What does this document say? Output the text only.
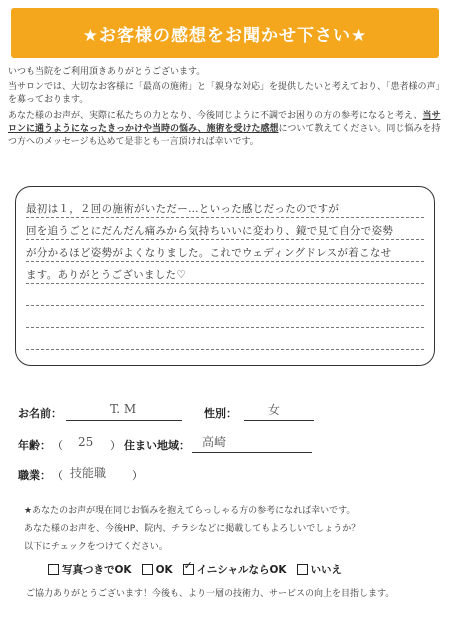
★お客様の感想をお聞かせ下さい★

いつも当院をご利用頂きありがとうございます。

当サロンでは、大切なお客様に「最高の施術」と「親身な対応」を提供したいと考えており、「患者様の声」を募っております。

あなた様のお声が、実際に私たちの力となり、今後同じように不調でお困りの方の参考になると考え、当サロンに通うようになったきっかけや当時の悩み、施術を受けた感想について教えてください。同じ悩みを持つ方へのメッセージも込めて是非とも一言頂ければ幸いです。

最初は１，２回の施術がいただー…といった感じだったのですが
回を追うごとにだんだん痛みから気持ちいいに変わり、鏡で見て自分で姿勢
が分かるほど姿勢がよくなりました。これでウェディングドレスが着こなせ
ます。ありがとうございました♡
お名前：	T. M	性別：	女
年齢： （ 25 ） 住まい地域： 高崎
職業： （ 技能職 ）
★あなたのお声が現在同じお悩みを抱えてらっしゃる方の参考になれば幸いです。
あなた様のお声を、今後HP、院内、チラシなどに掲載してもよろしいでしょうか？
以下にチェックをつけてください。
写真つきでOK OK
✓ イニシャルならOK いいえ
ご協力ありがとうございます！今後も、より一層の技術力、サービスの向上を目指します。
